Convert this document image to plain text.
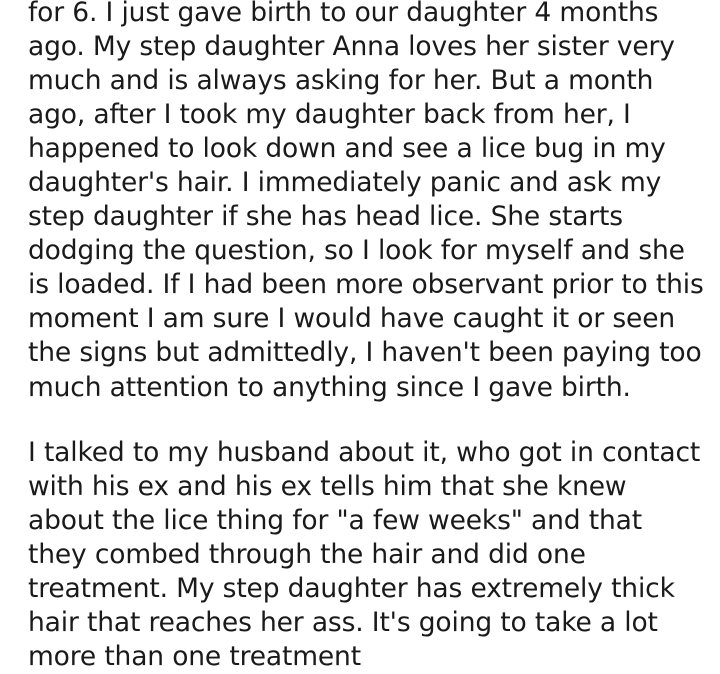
for 6. I just gave birth to our daughter 4 months ago. My step daughter Anna loves her sister very much and is always asking for her. But a month ago, after I took my daughter back from her, I happened to look down and see a lice bug in my daughter's hair. I immediately panic and ask my step daughter if she has head lice. She starts dodging the question, so I look for myself and she is loaded. If I had been more observant prior to this moment I am sure I would have caught it or seen the signs but admittedly, I haven't been paying too much attention to anything since I gave birth.

I talked to my husband about it, who got in contact with his ex and his ex tells him that she knew about the lice thing for "a few weeks" and that they combed through the hair and did one treatment. My step daughter has extremely thick hair that reaches her ass. It's going to take a lot more than one treatment
